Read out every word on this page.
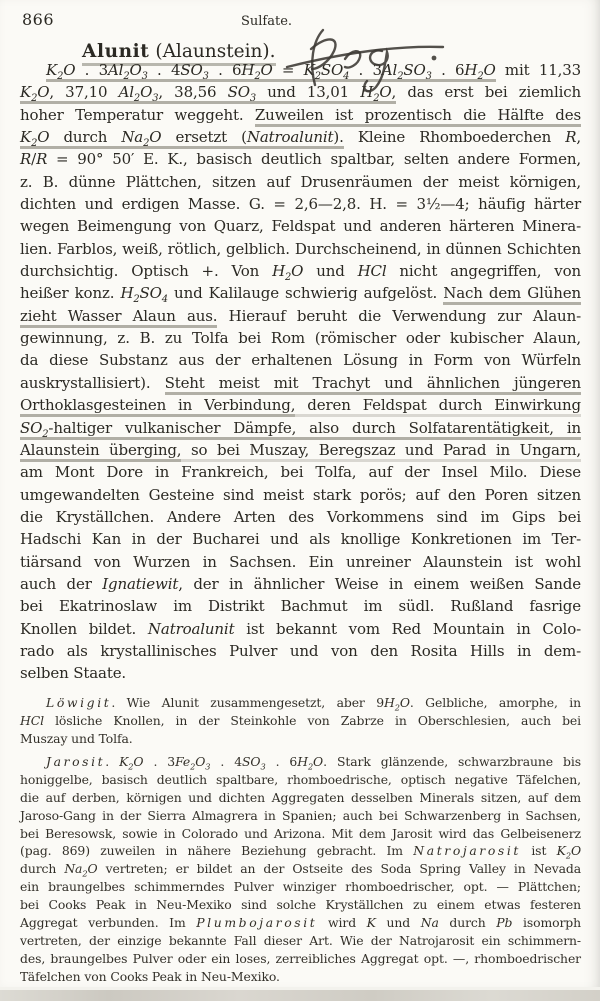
866	Sulfate.
Alunit (Alaunstein).
$K_2O$ . $3Al_2O_3$ . $4SO_3$ . $6H_2O = K_2SO_4$ . $3Al_2SO_3$ . $6H_2O$ mit 11,33
$K_2O$, 37,10 $Al_2O_3$, 38,56 $SO_3$ und 13,01 $H_2O$, das erst bei ziemlich
hoher Temperatur weggeht. Zuweilen ist prozentisch die Hälfte des
$K_2O$ durch $Na_2O$ ersetzt (Natroalunit). Kleine Rhomboederchen R,
R/R = 90° 50′ E. K., basisch deutlich spaltbar, selten andere Formen,
z. B. dünne Plättchen, sitzen auf Drusenräumen der meist körnigen,
dichten und erdigen Masse. G. = 2,6—2,8. H. = 3½—4; häufig härter
wegen Beimengung von Quarz, Feldspat und anderen härteren Minera-
lien. Farblos, weiß, rötlich, gelblich. Durchscheinend, in dünnen Schichten
durchsichtig. Optisch +. Von $H_2O$ und HCl nicht angegriffen, von
heißer konz. $H_2SO_4$ und Kalilauge schwierig aufgelöst. Nach dem Glühen
zieht Wasser Alaun aus. Hierauf beruht die Verwendung zur Alaun-
gewinnung, z. B. zu Tolfa bei Rom (römischer oder kubischer Alaun,
da diese Substanz aus der erhaltenen Lösung in Form von Würfeln
auskrystallisiert). Steht meist mit Trachyt und ähnlichen jüngeren
Orthoklasgesteinen in Verbindung, deren Feldspat durch Einwirkung
$SO_2$-haltiger vulkanischer Dämpfe, also durch Solfatarentätigkeit, in
Alaunstein überging, so bei Muszay, Beregszaz und Parad in Ungarn,
am Mont Dore in Frankreich, bei Tolfa, auf der Insel Milo. Diese
umgewandelten Gesteine sind meist stark porös; auf den Poren sitzen
die Kryställchen. Andere Arten des Vorkommens sind im Gips bei
Hadschi Kan in der Bucharei und als knollige Konkretionen im Ter-
tiärsand von Wurzen in Sachsen. Ein unreiner Alaunstein ist wohl
auch der Ignatiewit, der in ähnlicher Weise in einem weißen Sande
bei Ekatrinoslaw im Distrikt Bachmut im südl. Rußland fasrige
Knollen bildet. Natroalunit ist bekannt vom Red Mountain in Colo-
rado als krystallinisches Pulver und von den Rosita Hills in dem-
selben Staate.
Löwigit. Wie Alunit zusammengesetzt, aber $9H_2O$. Gelbliche, amorphe, in
HCl lösliche Knollen, in der Steinkohle von Zabrze in Oberschlesien, auch bei
Muszay und Tolfa.
Jarosit. $K_2O$ . $3Fe_2O_3$ . $4SO_3$ . $6H_2O$. Stark glänzende, schwarzbraune bis
honiggelbe, basisch deutlich spaltbare, rhomboedrische, optisch negative Täfelchen,
die auf derben, körnigen und dichten Aggregaten desselben Minerals sitzen, auf dem
Jaroso-Gang in der Sierra Almagrera in Spanien; auch bei Schwarzenberg in Sachsen,
bei Beresowsk, sowie in Colorado und Arizona. Mit dem Jarosit wird das Gelbeisenerz
(pag. 869) zuweilen in nähere Beziehung gebracht. Im Natrojarosit ist $K_2O$
durch $Na_2O$ vertreten; er bildet an der Ostseite des Soda Spring Valley in Nevada
ein braungelbes schimmerndes Pulver winziger rhomboedrischer, opt. — Plättchen;
bei Cooks Peak in Neu-Mexiko sind solche Kryställchen zu einem etwas festeren
Aggregat verbunden. Im Plumbojarosit wird K und Na durch Pb isomorph
vertreten, der einzige bekannte Fall dieser Art. Wie der Natrojarosit ein schimmern-
des, braungelbes Pulver oder ein loses, zerreibliches Aggregat opt. —, rhomboedrischer
Täfelchen von Cooks Peak in Neu-Mexiko.
